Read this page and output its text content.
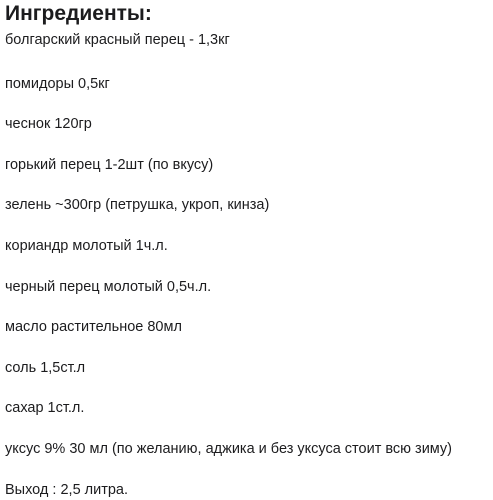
Ингредиенты:

болгарский красный перец - 1,3кг

помидоры 0,5кг

чеснок 120гр

горький перец 1-2шт (по вкусу)

зелень ~300гр (петрушка, укроп, кинза)

кориандр молотый 1ч.л.

черный перец молотый 0,5ч.л.

масло растительное 80мл

соль 1,5ст.л

сахар 1ст.л.

уксус 9% 30 мл (по желанию, аджика и без уксуса стоит всю зиму)

Выход : 2,5 литра.
